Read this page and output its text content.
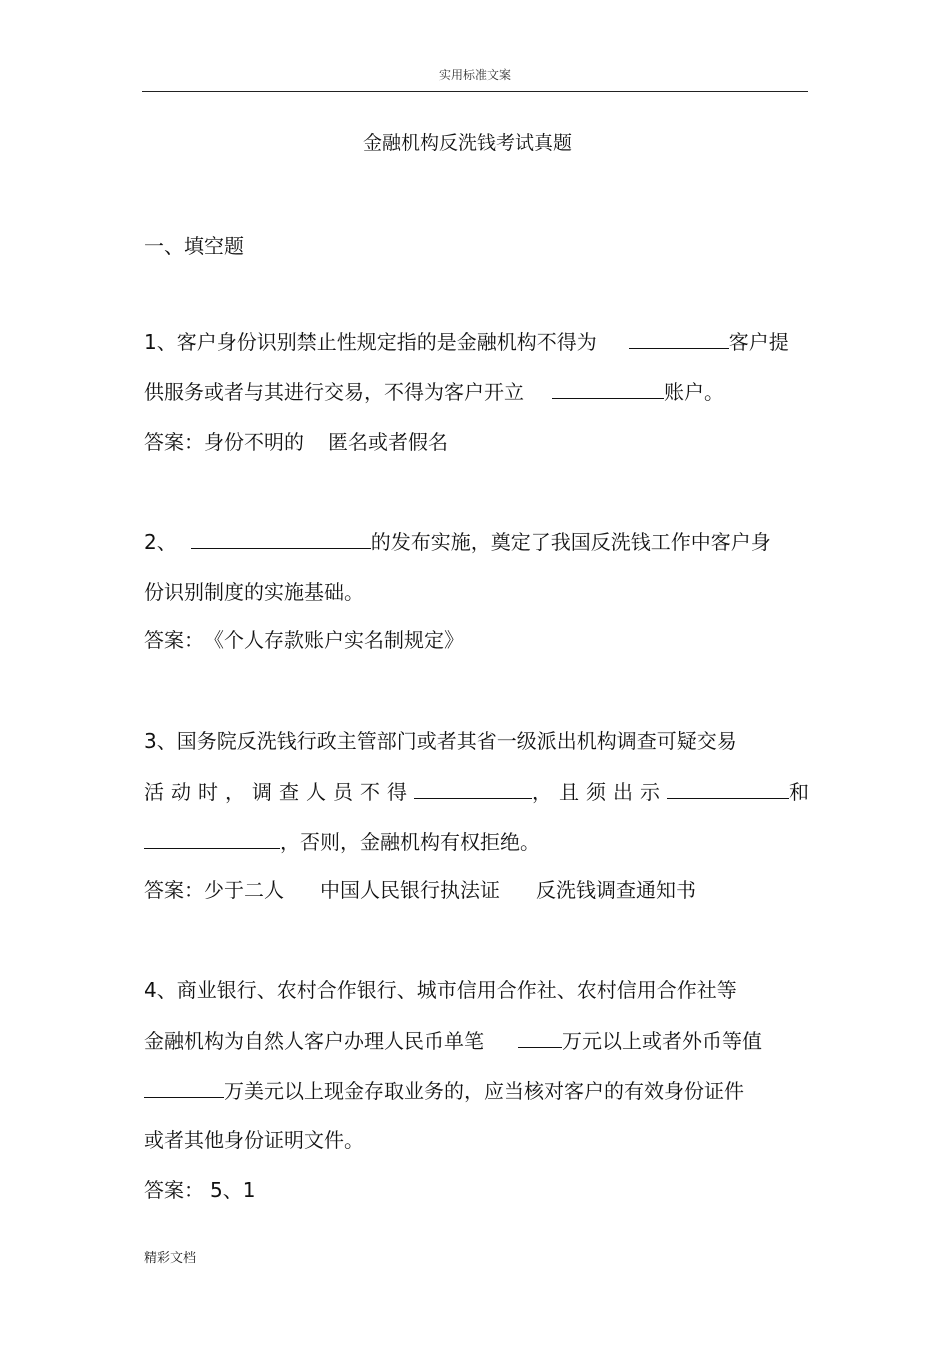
实用标准文案
金融机构反洗钱考试真题
一、填空题
1、客户身份识别禁止性规定指的是金融机构不得为	客户提
供服务或者与其进行交易，不得为客户开立	账户。
答案： 身份不明的 匿名或者假名
2、	的发布实施，奠定了我国反洗钱工作中客户身
份识别制度的实施基础。
答案： 《个人存款账户实名制规定》
3、国务院反洗钱行政主管部门或者其省一级派出机构调查可疑交易
活动时，调查人员不得	，且须出示	和
，否则，金融机构有权拒绝。
答案： 少于二人 中国人民银行执法证 反洗钱调查通知书
4、商业银行、农村合作银行、城市信用合作社、农村信用合作社等
金融机构为自然人客户办理人民币单笔	万元以上或者外币等值
万美元以上现金存取业务的，应当核对客户的有效身份证件
或者其他身份证明文件。
答案： 5、1
精彩文档
